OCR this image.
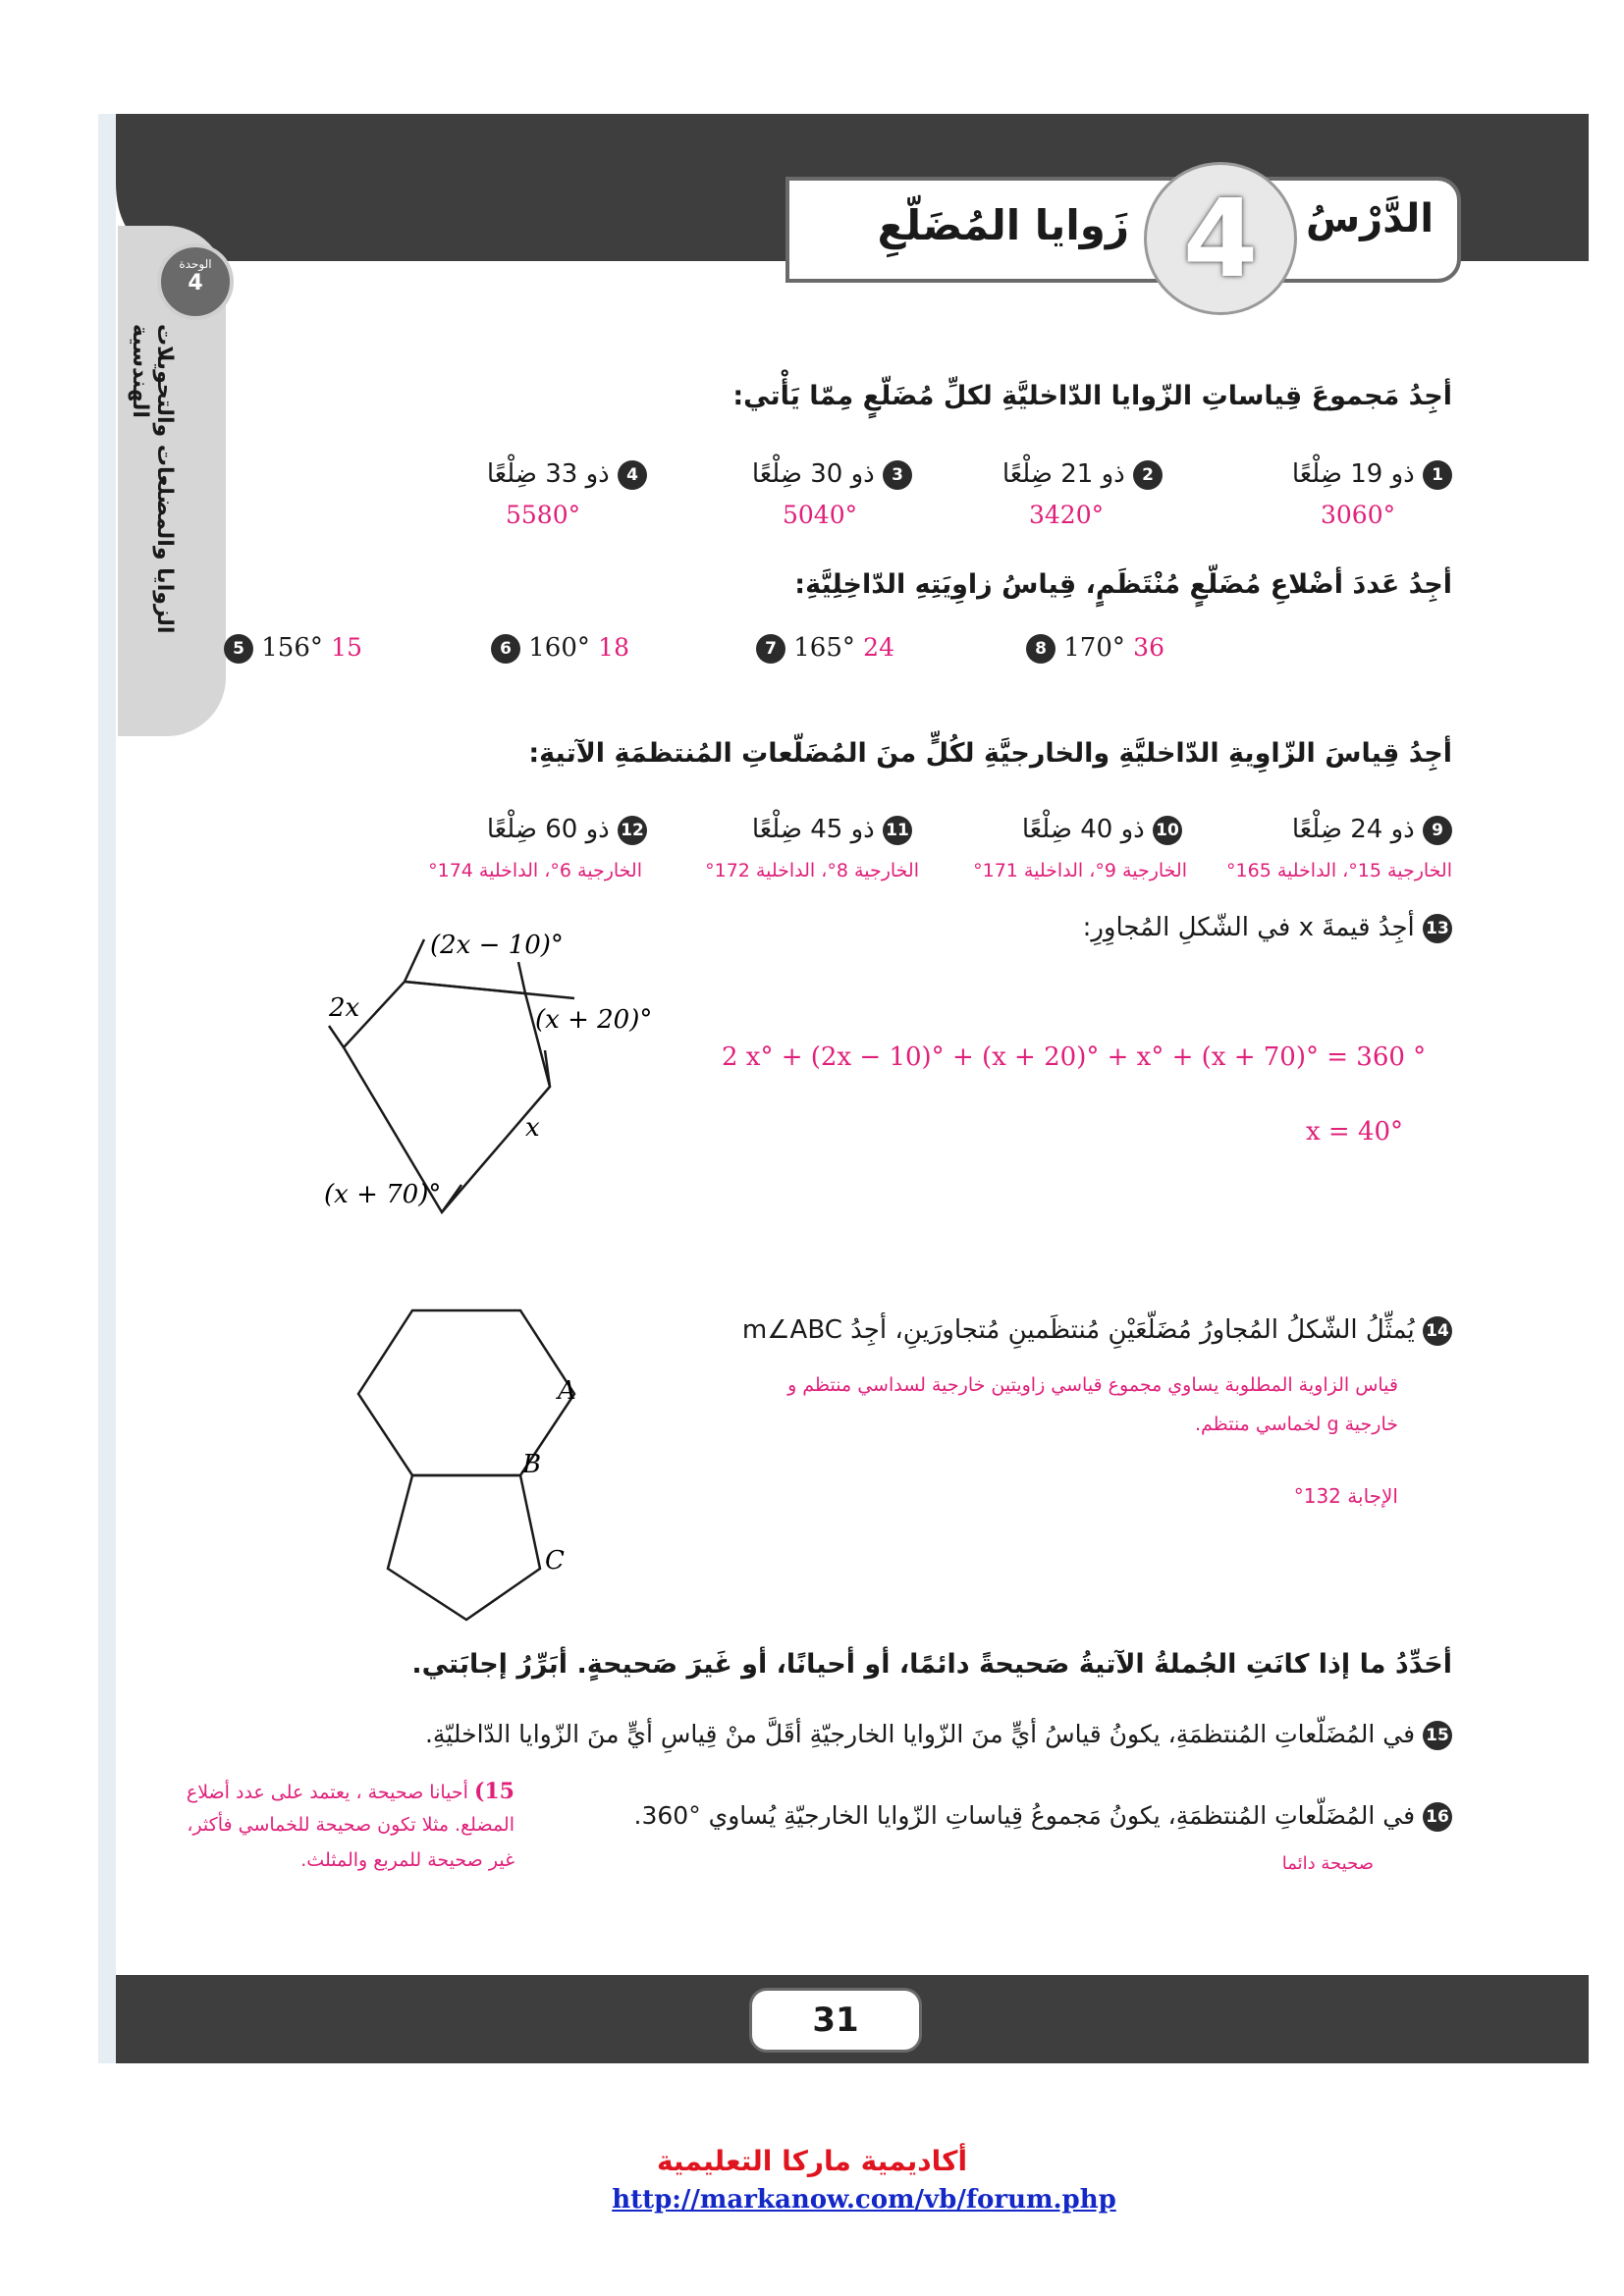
الوحدة
4
الزوايا والمضلعات والتحويلات الهندسية
4	الدَّرْسُ
زَوايا المُضَلّعِ
أجِدُ مَجموعَ قِياساتِ الزّوايا الدّاخليَّةِ لكلِّ مُضَلّعٍ مِمّا يَأْتي:
1 ذو 19 ضِلْعًا
3060°
2 ذو 21 ضِلْعًا
3420°
3 ذو 30 ضِلْعًا
5040°
4 ذو 33 ضِلْعًا
5580°
أجِدُ عَددَ أضْلاعِ مُضَلّعٍ مُنْتَظَمٍ، قِياسُ زاوِيَتِهِ الدّاخِلِيَّةِ:
5 156° 15	6 160° 18	7 165° 24	8 170° 36
أجِدُ قِياسَ الزّاوِيةِ الدّاخليَّةِ والخارجيَّةِ لكُلٍّ منَ المُضَلّعاتِ المُنتظمَةِ الآتيةِ:
9 ذو 24 ضِلْعًا
الخارجية 15°، الداخلية 165°
10 ذو 40 ضِلْعًا
الخارجية 9°، الداخلية 171°
11 ذو 45 ضِلْعًا
الخارجية 8°، الداخلية 172°
12 ذو 60 ضِلْعًا
الخارجية 6°، الداخلية 174°
13 أجِدُ قيمةَ x في الشّكلِ المُجاوِرِ:
(2x − 10)°
2x	(x + 20)°
x
(x + 70)°
2 x° + (2x − 10)° + (x + 20)° + x° + (x + 70)° = 360 °
x = 40°
14 يُمثِّلُ الشّكلُ المُجاورُ مُضَلّعَيْنِ مُنتظَمينِ مُتجاورَينِ، أجِدُ m∠ABC
A
B
C
قياس الزاوية المطلوبة يساوي مجموع قياسي زاويتين خارجية لسداسي منتظم و
خارجية g لخماسي منتظم.
الإجابة 132°
أحَدِّدُ ما إذا كانَتِ الجُملةُ الآتيةُ صَحيحةً دائمًا، أو أحيانًا، أو غَيرَ صَحيحةٍ. أبَرِّرُ إجابَتي.
15 في المُضَلّعاتِ المُنتظمَةِ، يكونُ قياسُ أيٍّ منَ الزّوايا الخارجيّةِ أقَلَّ منْ قِياسِ أيٍّ منَ الزّوايا الدّاخليّةِ.
16 في المُضَلّعاتِ المُنتظمَةِ، يكونُ مَجموعُ قِياساتِ الزّوايا الخارجيّةِ يُساوي °360.
صحيحة دائما
15) أحيانا صحيحة ، يعتمد على عدد أضلاع
المضلع. مثلا تكون صحيحة للخماسي فأكثر،
غير صحيحة للمربع والمثلث.
31
أكاديمية ماركا التعليمية
http://markanow.com/vb/forum.php
